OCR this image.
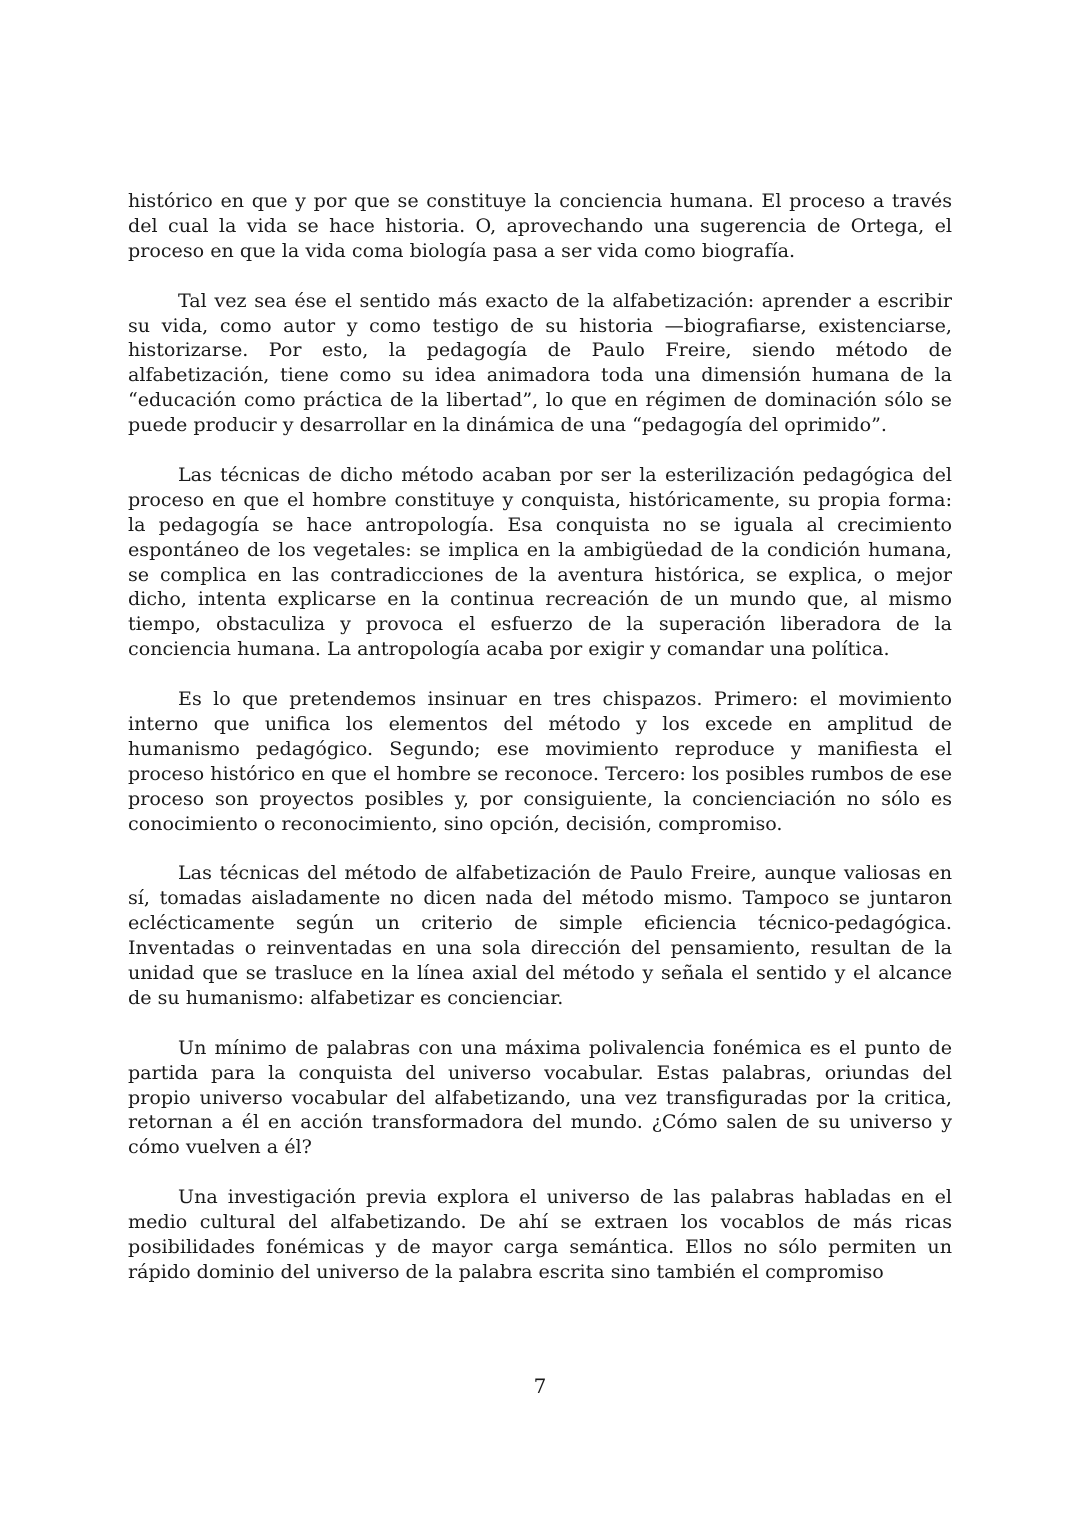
histórico en que y por que se constituye la conciencia humana. El proceso a través del cual la vida se hace historia. O, aprovechando una sugerencia de Ortega, el proceso en que la vida coma biología pasa a ser vida como biografía.

Tal vez sea ése el sentido más exacto de la alfabetización: aprender a escribir su vida, como autor y como testigo de su historia —biografiarse, existenciarse, historizarse. Por esto, la pedagogía de Paulo Freire, siendo método de alfabetización, tiene como su idea animadora toda una dimensión humana de la “educación como práctica de la libertad”, lo que en régimen de dominación sólo se puede producir y desarrollar en la dinámica de una “pedagogía del oprimido”.

Las técnicas de dicho método acaban por ser la esterilización pedagógica del proceso en que el hombre constituye y conquista, históricamente, su propia forma: la pedagogía se hace antropología. Esa conquista no se iguala al crecimiento espontáneo de los vegetales: se implica en la ambigüedad de la condición humana, se complica en las contradicciones de la aventura histórica, se explica, o mejor dicho, intenta explicarse en la continua recreación de un mundo que, al mismo tiempo, obstaculiza y provoca el esfuerzo de la superación liberadora de la conciencia humana. La antropología acaba por exigir y comandar una política.

Es lo que pretendemos insinuar en tres chispazos. Primero: el movimiento interno que unifica los elementos del método y los excede en amplitud de humanismo pedagógico. Segundo; ese movimiento reproduce y manifiesta el proceso histórico en que el hombre se reconoce. Tercero: los posibles rumbos de ese proceso son proyectos posibles y, por consiguiente, la concienciación no sólo es conocimiento o reconocimiento, sino opción, decisión, compromiso.

Las técnicas del método de alfabetización de Paulo Freire, aunque valiosas en sí, tomadas aisladamente no dicen nada del método mismo. Tampoco se juntaron eclécticamente según un criterio de simple eficiencia técnico-pedagógica. Inventadas o reinventadas en una sola dirección del pensamiento, resultan de la unidad que se trasluce en la línea axial del método y señala el sentido y el alcance de su humanismo: alfabetizar es concienciar.

Un mínimo de palabras con una máxima polivalencia fonémica es el punto de partida para la conquista del universo vocabular. Estas palabras, oriundas del propio universo vocabular del alfabetizando, una vez transfiguradas por la critica, retornan a él en acción transformadora del mundo. ¿Cómo salen de su universo y cómo vuelven a él?

Una investigación previa explora el universo de las palabras habladas en el medio cultural del alfabetizando. De ahí se extraen los vocablos de más ricas posibilidades fonémicas y de mayor carga semántica. Ellos no sólo permiten un rápido dominio del universo de la palabra escrita sino también el compromiso

7
